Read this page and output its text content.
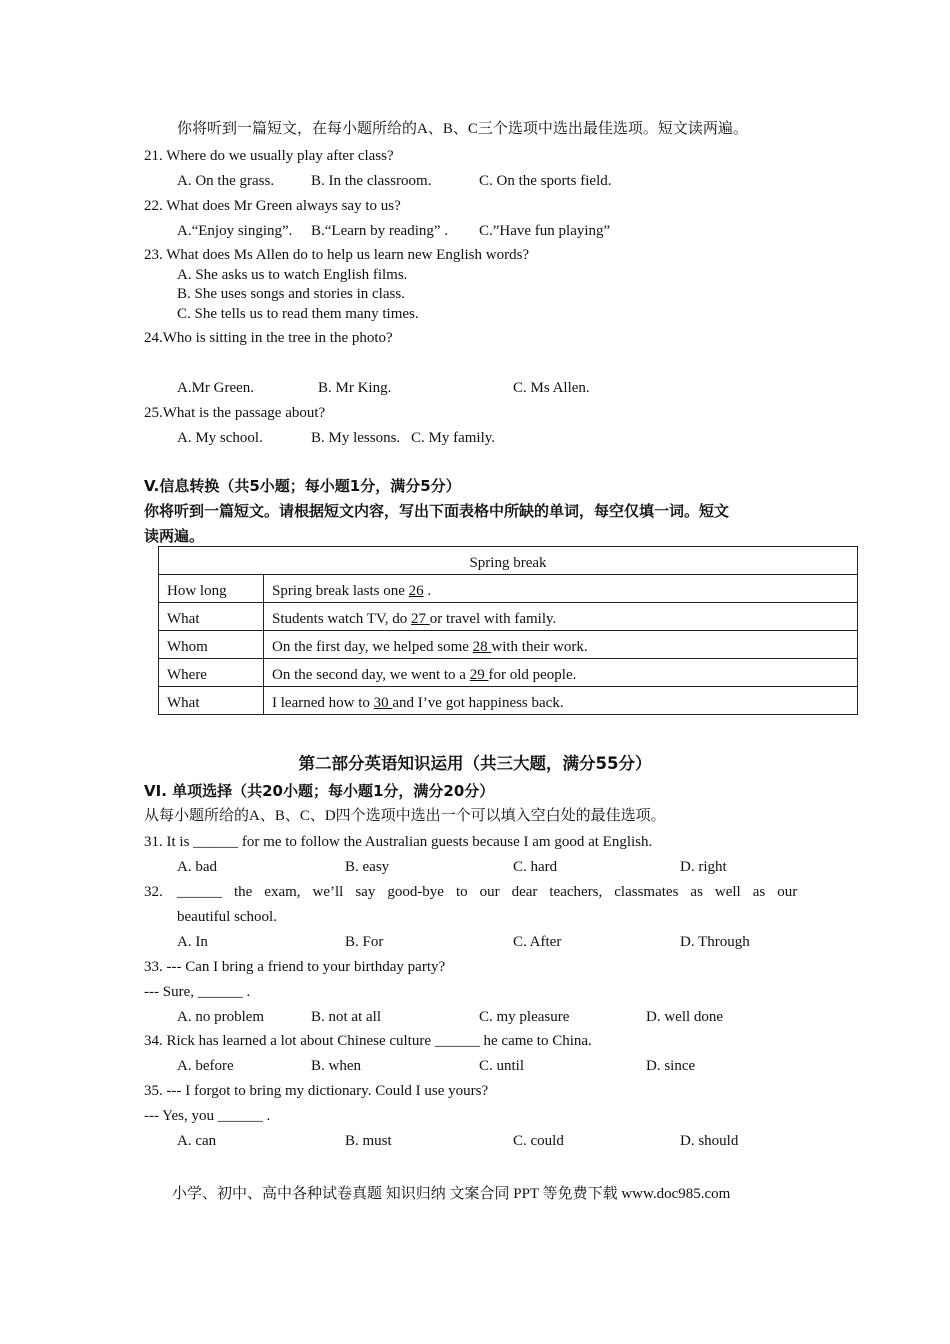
你将听到一篇短文，在每小题所给的A、B、C三个选项中选出最佳选项。短文读两遍。
21. Where do we usually play after class?
A. On the grass. B. In the classroom.	C. On the sports field.
22. What does Mr Green always say to us?
A.“Enjoy singing”. B.“Learn by reading” . C.”Have fun playing”
23. What does Ms Allen do to help us learn new English words?
A. She asks us to watch English films.
B. She uses songs and stories in class.
C. She tells us to read them many times.
24.Who is sitting in the tree in the photo?
A.Mr Green.	B. Mr King.	C. Ms Allen.
25.What is the passage about?
A. My school.	B. My lessons. C. My family.
V.信息转换（共5小题；每小题1分，满分5分）
你将听到一篇短文。请根据短文内容，写出下面表格中所缺的单词，每空仅填一词。短文
读两遍。
Spring break	
How long	Spring break lasts one 26 .
What	Students watch TV, do 27 or travel with family.
Whom	On the first day, we helped some 28 with their work.
Where	On the second day, we went to a 29 for old people.
What	I learned how to 30 and I’ve got happiness back.
第二部分英语知识运用（共三大题，满分55分）
VI. 单项选择（共20小题；每小题1分，满分20分）
从每小题所给的A、B、C、D四个选项中选出一个可以填入空白处的最佳选项。
31. It is ______ for me to follow the Australian guests because I am good at English.
A. bad	B. easy	C. hard	D. right
32. ______ the exam, we’ll say good-bye to our dear teachers, classmates as well as our
beautiful school.
A. In	B. For	C. After	D. Through
33. --- Can I bring a friend to your birthday party?
--- Sure, ______ .
A. no problem	B. not at all	C. my pleasure	D. well done
34. Rick has learned a lot about Chinese culture ______ he came to China.
A. before	B. when	C. until	D. since
35. --- I forgot to bring my dictionary. Could I use yours?
--- Yes, you ______ .
A. can	B. must	C. could	D. should
小学、初中、高中各种试卷真题 知识归纳 文案合同 PPT 等免费下载 www.doc985.com
